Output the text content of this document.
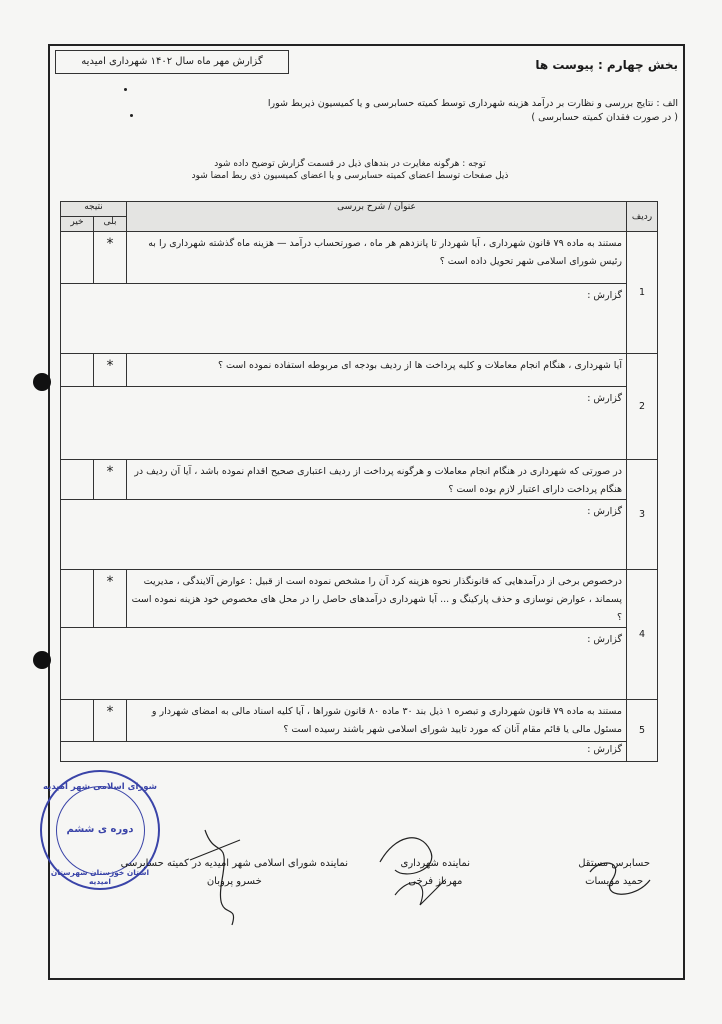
گزارش مهر ماه سال ۱۴۰۲ شهرداری امیدیه	بخش چهارم : پیوست ها
الف : نتایج بررسی و نظارت بر درآمد هزینه شهرداری توسط کمیته حسابرسی و یا کمیسیون ذیربط شورا
( در صورت فقدان کمیته حسابرسی )
توجه : هرگونه مغایرت در بندهای ذیل در قسمت گزارش توضیح داده شود
ذیل صفحات توسط اعضای کمیته حسابرسی و یا اعضای کمیسیون ذی ربط امضا شود
ردیف	عنوان / شرح بررسی	نتیجه	
		بلی	خیر
1	مستند به ماده ۷۹ قانون شهرداری ، آیا شهردار تا پانزدهم هر ماه ، صورتحساب درآمد — هزینه ماه گذشته شهرداری را به رئیس شورای اسلامی شهر تحویل داده است ؟	*	
	گزارش :		
2	آیا شهرداری ، هنگام انجام معاملات و کلیه پرداخت ها از ردیف بودجه ای مربوطه استفاده نموده است ؟	*	
	گزارش :		
3	در صورتی که شهرداری در هنگام انجام معاملات و هرگونه پرداخت از ردیف اعتباری صحیح اقدام نموده باشد ، آیا آن ردیف در هنگام پرداخت دارای اعتبار لازم بوده است ؟	*	
	گزارش :		
4	درخصوص برخی از درآمدهایی که قانونگذار نحوه هزینه کرد آن را مشخص نموده است از قبیل : عوارض آلایندگی ، مدیریت پسماند ، عوارض نوسازی و حذف پارکینگ و ... آیا شهرداری درآمدهای حاصل را در محل های مخصوص خود هزینه نموده است ؟	*	
	گزارش :		
5	مستند به ماده ۷۹ قانون شهرداری و تبصره ۱ ذیل بند ۳۰ ماده ۸۰ قانون شوراها ، آیا کلیه اسناد مالی به امضای شهردار و مسئول مالی یا قائم مقام آنان که مورد تایید شورای اسلامی شهر باشند رسیده است ؟	*	
	گزارش :		
شورای اسلامی شهر امیدیه
دوره ی ششم
استان خوزستان شهرستان امیدیه
حسابرس مستقل
حمید مویسات
نماینده شهرداری
مهرناز فرخی
نماینده شورای اسلامی شهر امیدیه در کمیته حسابرسی
خسرو پروبان
